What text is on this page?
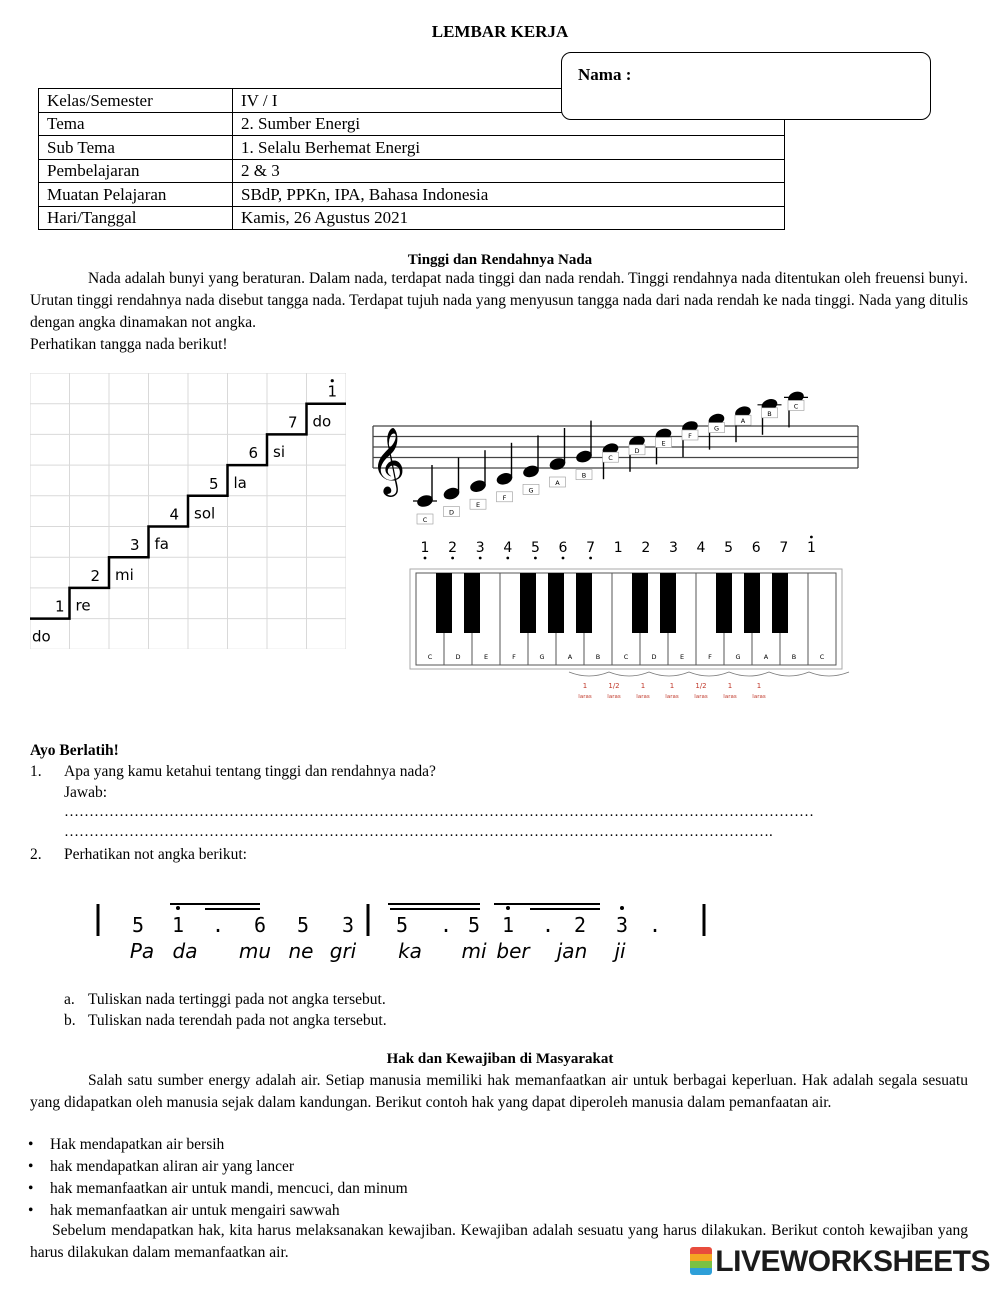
LEMBAR KERJA
Nama :
Kelas/Semester	IV / I
Tema	2. Sumber Energi
Sub Tema	1. Selalu Berhemat Energi
Pembelajaran	2 & 3
Muatan Pelajaran	SBdP, PPKn, IPA, Bahasa Indonesia
Hari/Tanggal	Kamis, 26 Agustus 2021
Tinggi dan Rendahnya Nada
Nada adalah bunyi yang beraturan. Dalam nada, terdapat nada tinggi dan nada rendah. Tinggi rendahnya nada ditentukan oleh freuensi bunyi. Urutan tinggi rendahnya nada disebut tangga nada. Terdapat tujuh nada yang menyusun tangga nada dari nada rendah ke nada tinggi. Nada yang ditulis dengan angka dinamakan not angka.
Perhatikan tangga nada berikut!
1
2
3
4
5
6
7
1
do
re
mi
fa
sol
la
si
do
𝄞
C
D
E
F
G
A
B
C
D
E
F
G
A
B
C
1 2 3 4 5 6 7 1 2 3 4 5 6 7 1
C	D	E	F	G	A	B	C	D	E	F	G	A	B	C
1
laras
1/2
laras
1
laras
1
laras
1/2
laras
1
laras
1
laras
Ayo Berlatih!
1. Apa yang kamu ketahui tentang tinggi dan rendahnya nada?
Jawab:
……………………………………………………………………………………………………………………………………
…………………………………………………………………………………………………………………………….
2. Perhatikan not angka berikut:
5 1 . 6 5 3 5 . 5 1 . 2 3 .
Pa da mu ne gri ka mi ber jan ji
a. Tuliskan nada tertinggi pada not angka tersebut.
b. Tuliskan nada terendah pada not angka tersebut.
Hak dan Kewajiban di Masyarakat
Salah satu sumber energy adalah air. Setiap manusia memiliki hak memanfaatkan air untuk berbagai keperluan. Hak adalah segala sesuatu yang didapatkan oleh manusia sejak dalam kandungan. Berikut contoh hak yang dapat diperoleh manusia dalam pemanfaatan air.
• Hak mendapatkan air bersih
• hak mendapatkan aliran air yang lancer
• hak memanfaatkan air untuk mandi, mencuci, dan minum
• hak memanfaatkan air untuk mengairi sawwah
Sebelum mendapatkan hak, kita harus melaksanakan kewajiban. Kewajiban adalah sesuatu yang harus dilakukan. Berikut contoh kewajiban yang harus dilakukan dalam memanfaatkan air.	LIVEWORKSHEETS
